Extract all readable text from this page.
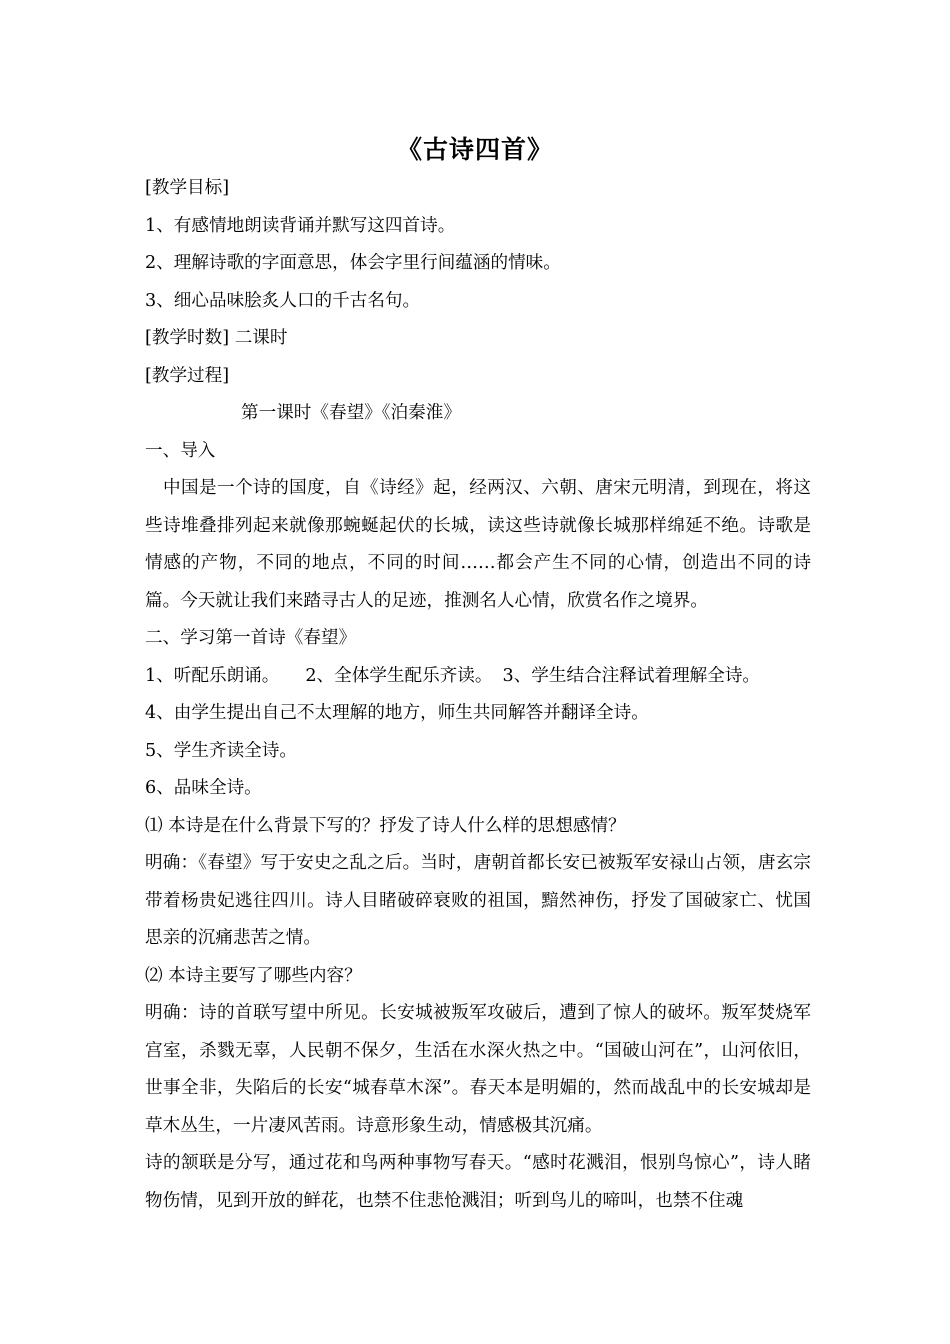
《古诗四首》
[教学目标]
1、有感情地朗读背诵并默写这四首诗。
2、理解诗歌的字面意思，体会字里行间蕴涵的情味。
3、细心品味脍炙人口的千古名句。
[教学时数] 二课时
[教学过程]
第一课时《春望》《泊秦淮》
一、导入
中国是一个诗的国度，自《诗经》起，经两汉、六朝、唐宋元明清，到现在，将这些诗堆叠排列起来就像那蜿蜒起伏的长城，读这些诗就像长城那样绵延不绝。诗歌是情感的产物，不同的地点，不同的时间……都会产生不同的心情，创造出不同的诗篇。今天就让我们来踏寻古人的足迹，推测名人心情，欣赏名作之境界。
二、学习第一首诗《春望》
1、听配乐朗诵。 2、全体学生配乐齐读。 3、学生结合注释试着理解全诗。
4、由学生提出自己不太理解的地方，师生共同解答并翻译全诗。
5、学生齐读全诗。
6、品味全诗。
⑴ 本诗是在什么背景下写的？抒发了诗人什么样的思想感情？
明确：《春望》写于安史之乱之后。当时，唐朝首都长安已被叛军安禄山占领，唐玄宗带着杨贵妃逃往四川。诗人目睹破碎衰败的祖国，黯然神伤，抒发了国破家亡、忧国思亲的沉痛悲苦之情。
⑵ 本诗主要写了哪些内容？
明确：诗的首联写望中所见。长安城被叛军攻破后，遭到了惊人的破坏。叛军焚烧军宫室，杀戮无辜，人民朝不保夕，生活在水深火热之中。“国破山河在”，山河依旧，世事全非，失陷后的长安“城春草木深”。春天本是明媚的，然而战乱中的长安城却是草木丛生，一片凄风苦雨。诗意形象生动，情感极其沉痛。
诗的颔联是分写，通过花和鸟两种事物写春天。“感时花溅泪，恨别鸟惊心”，诗人睹物伤情，见到开放的鲜花，也禁不住悲怆溅泪；听到鸟儿的啼叫，也禁不住魂
